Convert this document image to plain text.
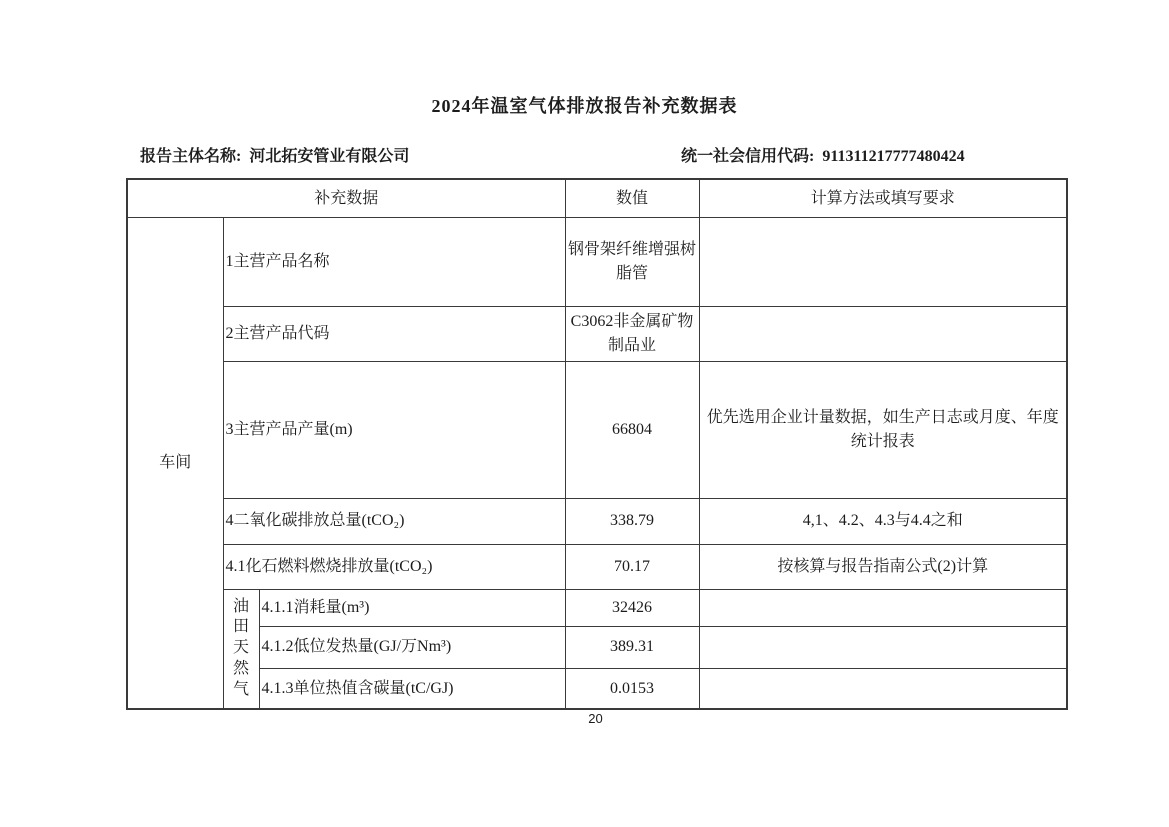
2024年温室气体排放报告补充数据表
报告主体名称: 河北拓安管业有限公司	统一社会信用代码: 911311217777480424
补充数据			数值	计算方法或填写要求
车间	1主营产品名称		钢骨架纤维增强树脂管	
	2主营产品代码		C3062非金属矿物制品业	
	3主营产品产量(m)		66804	优先选用企业计量数据，如生产日志或月度、年度统计报表
	4二氧化碳排放总量(tCO₂)		338.79	4,1、4.2、4.3与4.4之和
	4.1化石燃料燃烧排放量(tCO₂)		70.17	按核算与报告指南公式(2)计算
	油田天然气	4.1.1消耗量(m³)	32426	
		4.1.2低位发热量(GJ/万Nm³)	389.31	
		4.1.3单位热值含碳量(tC/GJ)	0.0153	
20
